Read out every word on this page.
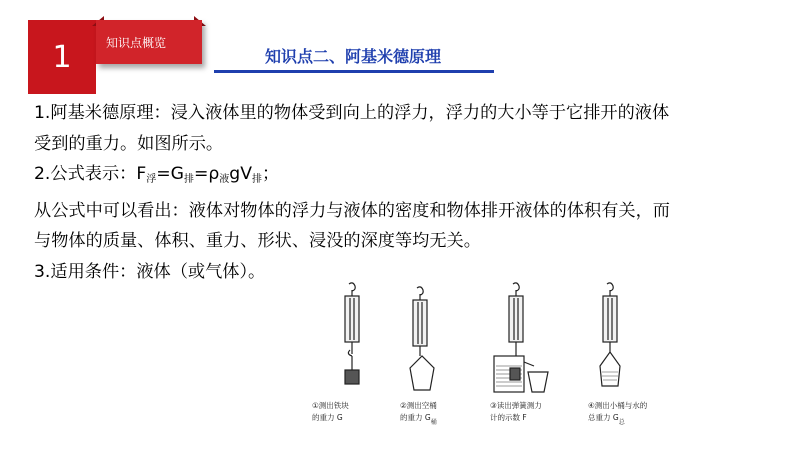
1	知识点概览
知识点二、阿基米德原理

1.阿基米德原理：浸入液体里的物体受到向上的浮力，浮力的大小等于它排开的液体

受到的重力。如图所示。

2.公式表示：$F_浮=G_排=\rho_液gV_排$；

从公式中可以看出：液体对物体的浮力与液体的密度和物体排开液体的体积有关，而

与物体的质量、体积、重力、形状、浸没的深度等均无关。

3.适用条件：液体（或气体）。

①测出铁块
的重力 G
②测出空桶
的重力 $G_桶$
③读出弹簧测力
计的示数 F
④测出小桶与水的
总重力 $G_总$
